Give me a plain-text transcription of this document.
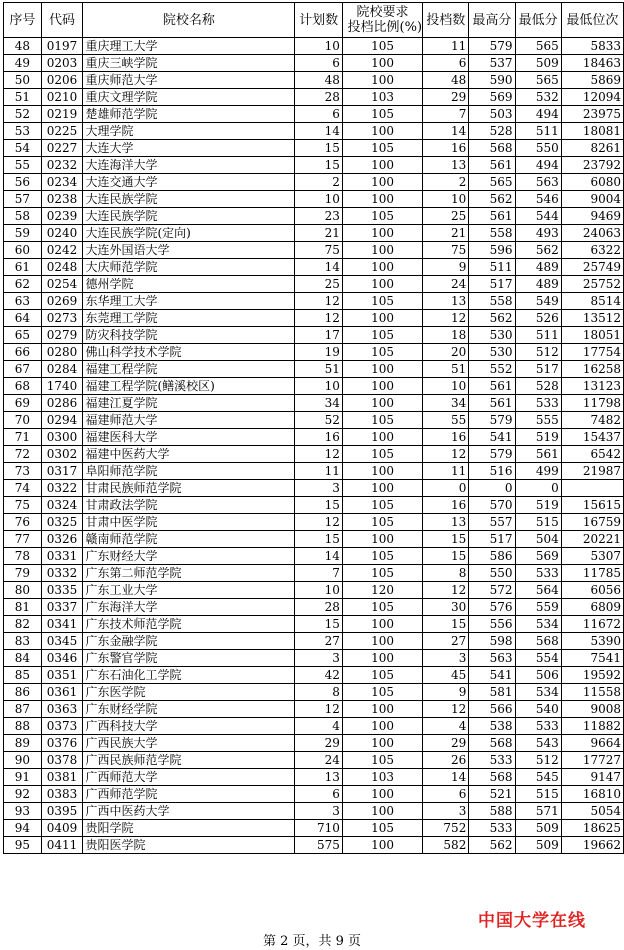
序号	代码	院校名称	计划数	院校要求
投档比例(%)	投档数	最高分	最低分	最低位次
48	0197	重庆理工大学	10	105	11	579	565	5833
49	0203	重庆三峡学院	6	100	6	537	509	18463
50	0206	重庆师范大学	48	100	48	590	565	5869
51	0210	重庆文理学院	28	103	29	569	532	12094
52	0219	楚雄师范学院	6	105	7	503	494	23975
53	0225	大理学院	14	100	14	528	511	18081
54	0227	大连大学	15	105	16	568	550	8261
55	0232	大连海洋大学	15	100	13	561	494	23792
56	0234	大连交通大学	2	100	2	565	563	6080
57	0238	大连民族学院	10	100	10	562	546	9004
58	0239	大连民族学院	23	105	25	561	544	9469
59	0240	大连民族学院(定向)	21	100	21	558	493	24063
60	0242	大连外国语大学	75	100	75	596	562	6322
61	0248	大庆师范学院	14	100	9	511	489	25749
62	0254	德州学院	25	100	24	517	489	25752
63	0269	东华理工大学	12	105	13	558	549	8514
64	0273	东莞理工学院	12	100	12	562	526	13512
65	0279	防灾科技学院	17	105	18	530	511	18051
66	0280	佛山科学技术学院	19	105	20	530	512	17754
67	0284	福建工程学院	51	100	51	552	517	16258
68	1740	福建工程学院(鳝溪校区)	10	100	10	561	528	13123
69	0286	福建江夏学院	34	100	34	561	533	11798
70	0294	福建师范大学	52	105	55	579	555	7482
71	0300	福建医科大学	16	100	16	541	519	15437
72	0302	福建中医药大学	12	105	12	579	561	6542
73	0317	阜阳师范学院	11	100	11	516	499	21987
74	0322	甘肃民族师范学院	3	100	0	0	0	
75	0324	甘肃政法学院	15	105	16	570	519	15615
76	0325	甘肃中医学院	12	105	13	557	515	16759
77	0326	赣南师范学院	15	100	15	517	504	20221
78	0331	广东财经大学	14	105	15	586	569	5307
79	0332	广东第二师范学院	7	105	8	550	533	11785
80	0335	广东工业大学	10	120	12	572	564	6056
81	0337	广东海洋大学	28	105	30	576	559	6809
82	0341	广东技术师范学院	15	100	15	556	534	11672
83	0345	广东金融学院	27	100	27	598	568	5390
84	0346	广东警官学院	3	100	3	563	554	7541
85	0351	广东石油化工学院	42	105	45	541	506	19592
86	0361	广东医学院	8	105	9	581	534	11558
87	0363	广东财经学院	12	100	12	566	540	9008
88	0373	广西科技大学	4	100	4	538	533	11882
89	0376	广西民族大学	29	100	29	568	543	9664
90	0378	广西民族师范学院	24	105	26	533	512	17727
91	0381	广西师范大学	13	103	14	568	545	9147
92	0383	广西师范学院	6	100	6	521	515	16810
93	0395	广西中医药大学	3	100	3	588	571	5054
94	0409	贵阳学院	710	105	752	533	509	18625
95	0411	贵阳医学院	575	100	582	562	509	19662
中国大学在线
第 2 页，共 9 页
